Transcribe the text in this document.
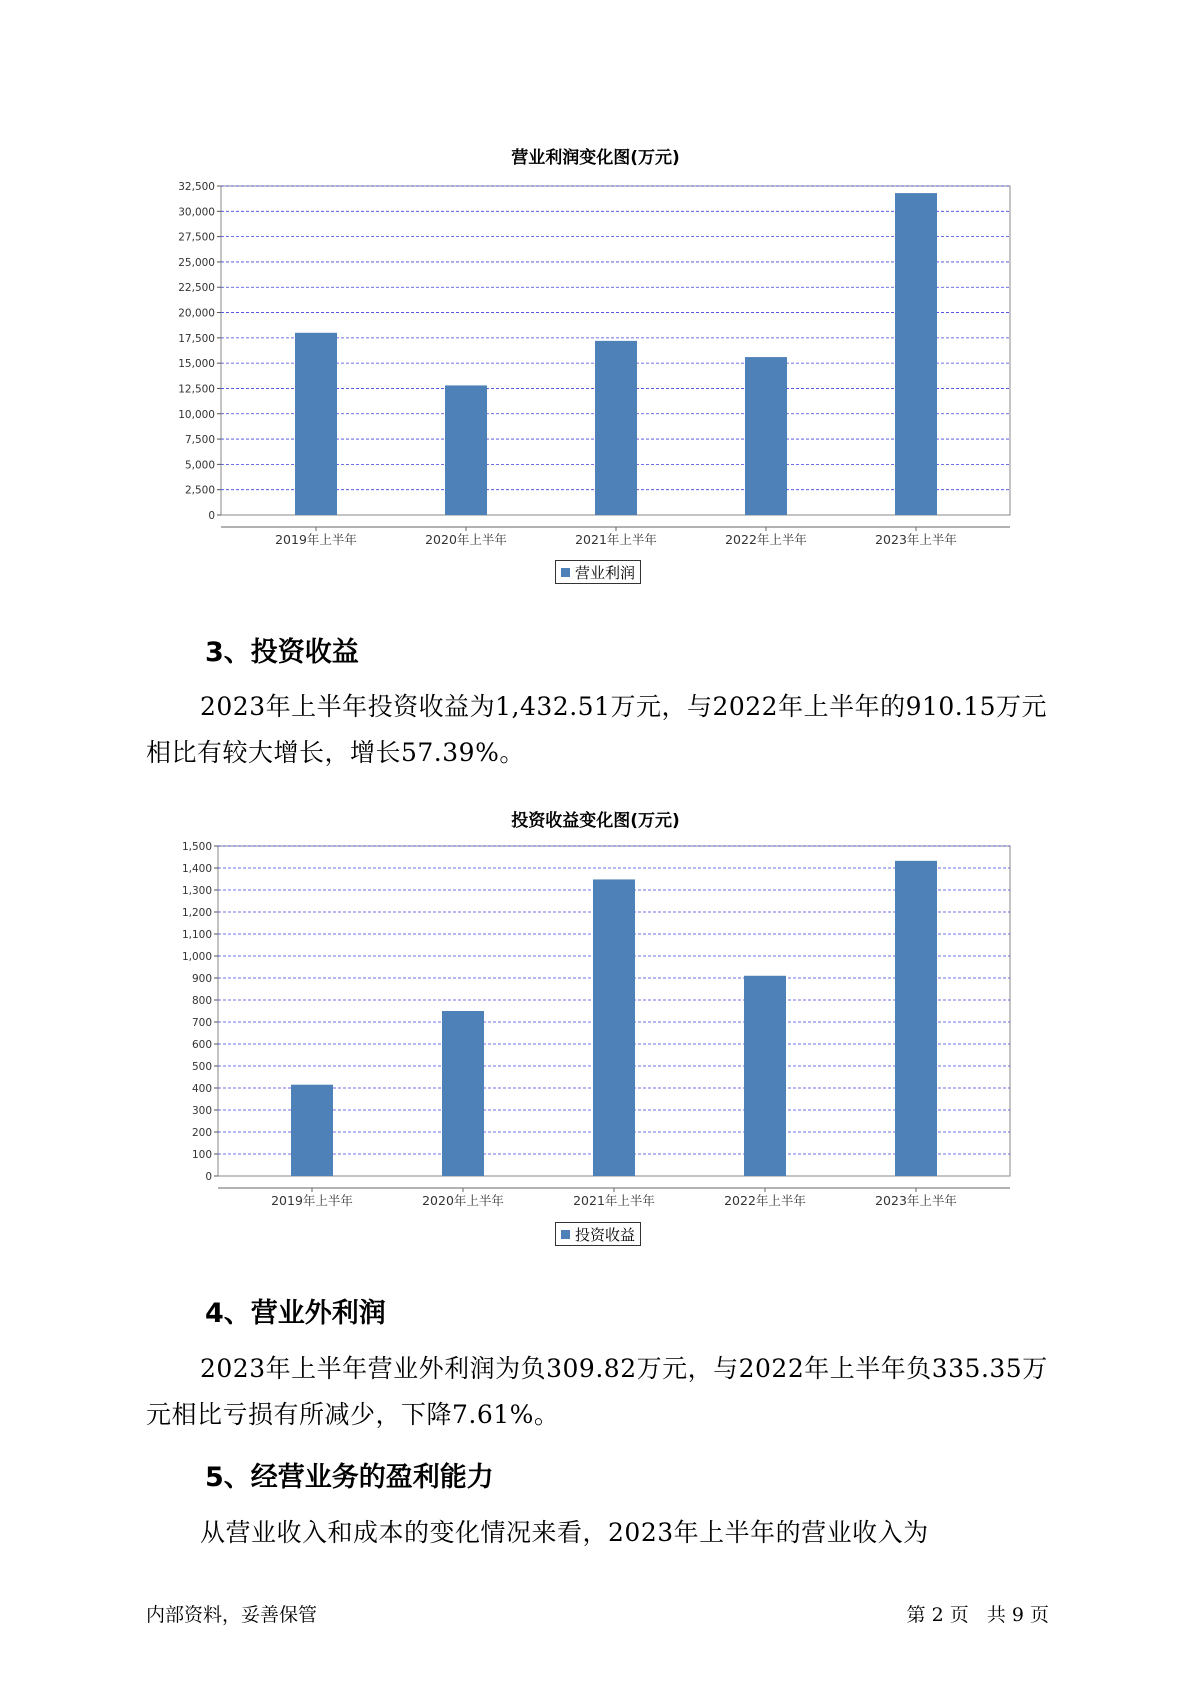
营业利润变化图(万元)
0
2,500
5,000
7,500
10,000
12,500
15,000
17,500
20,000
22,500
25,000
27,500
30,000
32,500
2019年上半年	2020年上半年	2021年上半年	2022年上半年	2023年上半年
营业利润
3、投资收益

2023年上半年投资收益为1,432.51万元，与2022年上半年的910.15万元相比有较大增长，增长57.39%。

投资收益变化图(万元)
0
100
200
300
400
500
600
700
800
900
1,000
1,100
1,200
1,300
1,400
1,500
2019年上半年	2020年上半年	2021年上半年	2022年上半年	2023年上半年
投资收益
4、营业外利润

2023年上半年营业外利润为负309.82万元，与2022年上半年负335.35万元相比亏损有所减少，下降7.61%。

5、经营业务的盈利能力

从营业收入和成本的变化情况来看，2023年上半年的营业收入为

内部资料，妥善保管	第 2 页   共 9 页
